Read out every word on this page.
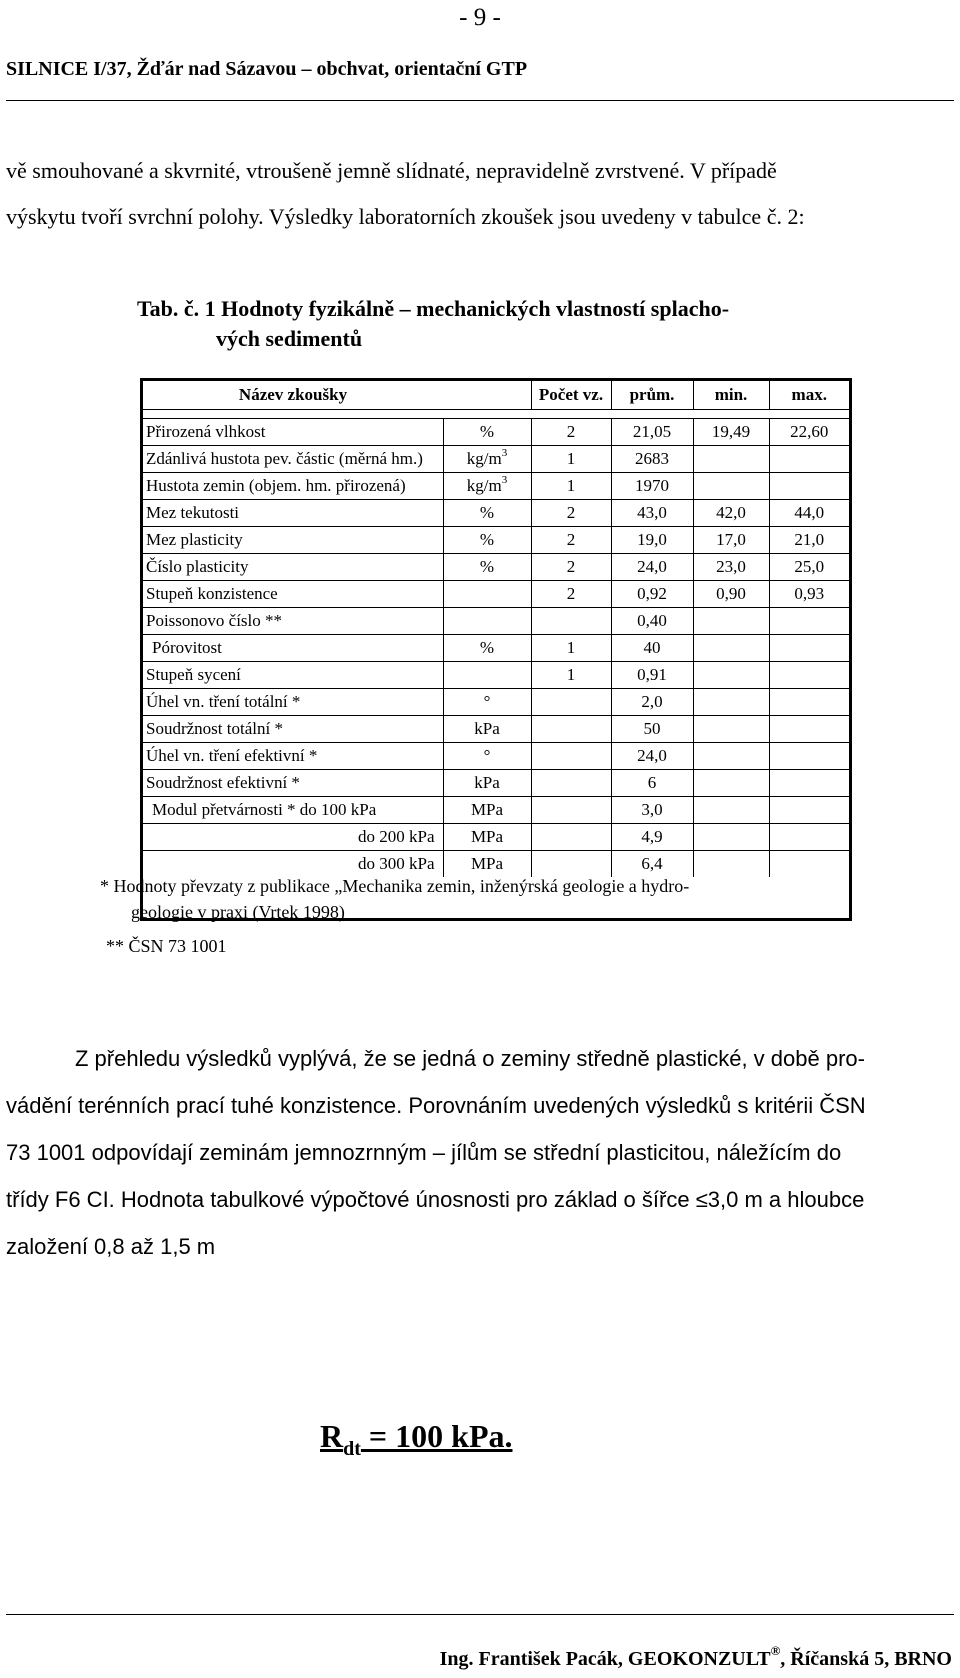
- 9 -
SILNICE I/37, Žďár nad Sázavou – obchvat, orientační GTP
vě smouhované a skvrnité, vtroušeně jemně slídnaté, nepravidelně zvrstvené. V případě
výskytu tvoří svrchní polohy. Výsledky laboratorních zkoušek jsou uvedeny v tabulce č. 2:
Tab. č. 1 Hodnoty fyzikálně – mechanických vlastností splacho-
vých sedimentů
Název zkoušky		Počet vz.	prům.	min.	max.

Přirozená vlhkost	%	2	21,05	19,49	22,60
Zdánlivá hustota pev. částic (měrná hm.)	$kg/m^3$	1	2683		
Hustota zemin (objem. hm. přirozená)	$kg/m^3$	1	1970		
Mez tekutosti	%	2	43,0	42,0	44,0
Mez plasticity	%	2	19,0	17,0	21,0
Číslo plasticity	%	2	24,0	23,0	25,0
Stupeň konzistence		2	0,92	0,90	0,93
Poissonovo číslo **			0,40		
Pórovitost	%	1	40		
Stupeň sycení		1	0,91		
Úhel vn. tření totální *	°		2,0		
Soudržnost totální *	kPa		50		
Úhel vn. tření efektivní *	°		24,0		
Soudržnost efektivní *	kPa		6		
Modul přetvárnosti * do 100 kPa	MPa		3,0		
do 200 kPa	MPa		4,9		
do 300 kPa	MPa		6,4		
* Hodnoty převzaty z publikace „Mechanika zemin, inženýrská geologie a hydro-
geologie v praxi (Vrtek 1998)
** ČSN 73 1001
Z přehledu výsledků vyplývá, že se jedná o zeminy středně plastické, v době pro-
vádění terénních prací tuhé konzistence. Porovnáním uvedených výsledků s kritérii ČSN
73 1001 odpovídají zeminám jemnozrnným – jílům se střední plasticitou, náležícím do
třídy F6 CI. Hodnota tabulkové výpočtové únosnosti pro základ o šířce ≤3,0 m a hloubce
založení 0,8 až 1,5 m
$R_{dt} = 100$ kPa.
Ing. František Pacák, GEOKONZULT®, Říčanská 5, BRNO
